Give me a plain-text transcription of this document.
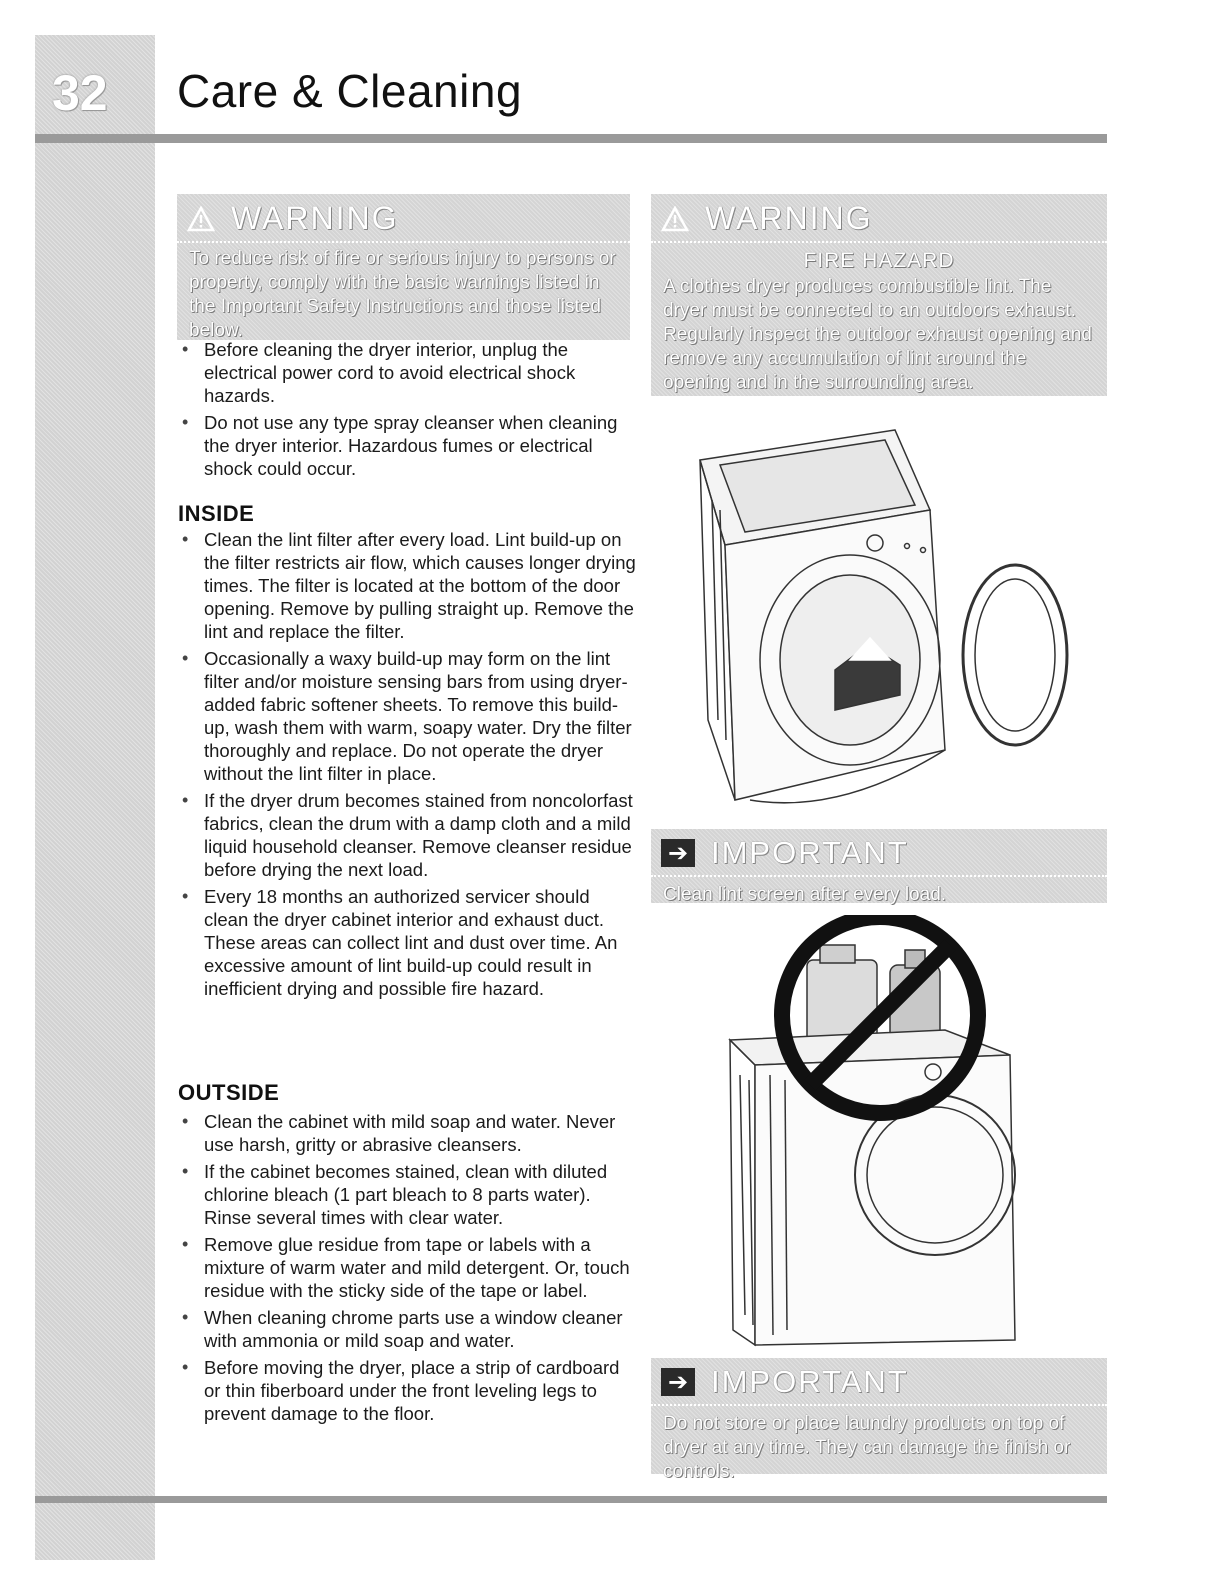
32	Care & Cleaning
WARNING
To reduce risk of fire or serious injury to persons or property, comply with the basic warnings listed in the Important Safety Instructions and those listed below.
• Before cleaning the dryer interior, unplug the electrical power cord to avoid electrical shock hazards.
• Do not use any type spray cleanser when cleaning the dryer interior. Hazardous fumes or electrical shock could occur.
INSIDE
• Clean the lint filter after every load. Lint build-up on the filter restricts air flow, which causes longer drying times. The filter is located at the bottom of the door opening. Remove by pulling straight up. Remove the lint and replace the filter.
• Occasionally a waxy build-up may form on the lint filter and/or moisture sensing bars from using dryer-added fabric softener sheets. To remove this build-up, wash them with warm, soapy water. Dry the filter thoroughly and replace. Do not operate the dryer without the lint filter in place.
• If the dryer drum becomes stained from noncolorfast fabrics, clean the drum with a damp cloth and a mild liquid household cleanser. Remove cleanser residue before drying the next load.
• Every 18 months an authorized servicer should clean the dryer cabinet interior and exhaust duct. These areas can collect lint and dust over time. An excessive amount of lint build-up could result in inefficient drying and possible fire hazard.
OUTSIDE
• Clean the cabinet with mild soap and water. Never use harsh, gritty or abrasive cleansers.
• If the cabinet becomes stained, clean with diluted chlorine bleach (1 part bleach to 8 parts water). Rinse several times with clear water.
• Remove glue residue from tape or labels with a mixture of warm water and mild detergent. Or, touch residue with the sticky side of the tape or label.
• When cleaning chrome parts use a window cleaner with ammonia or mild soap and water.
• Before moving the dryer, place a strip of cardboard or thin fiberboard under the front leveling legs to prevent damage to the floor.
WARNING
FIRE HAZARD
A clothes dryer produces combustible lint. The dryer must be connected to an outdoors exhaust. Regularly inspect the outdoor exhaust opening and remove any accumulation of lint around the opening and in the surrounding area.
➔ IMPORTANT
Clean lint screen after every load.
➔ IMPORTANT
Do not store or place laundry products on top of dryer at any time. They can damage the finish or controls.
